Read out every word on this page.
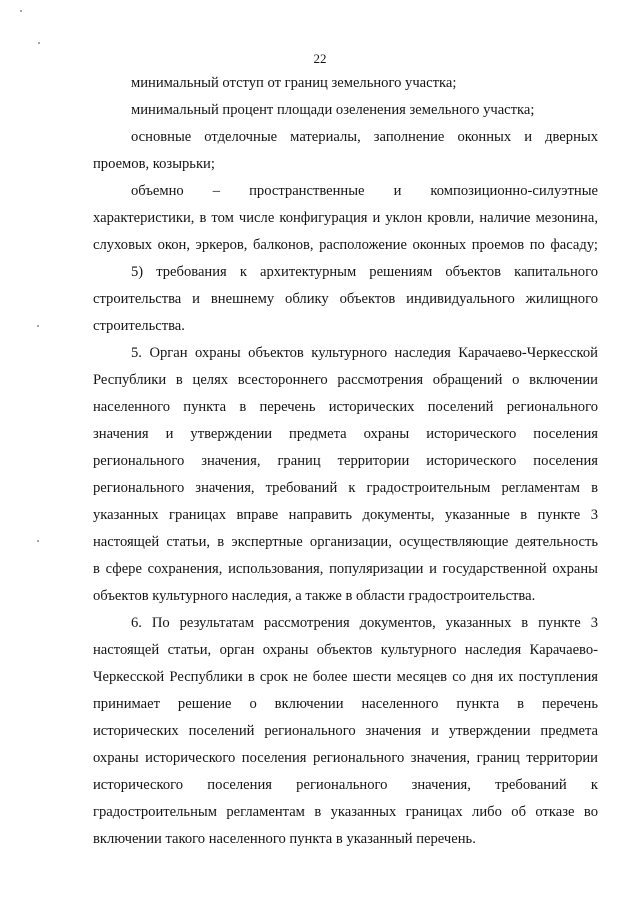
22
минимальный отступ от границ земельного участка;
минимальный процент площади озеленения земельного участка;
основные отделочные материалы, заполнение оконных и дверных
проемов, козырьки;
объемно – пространственные и композиционно-силуэтные
характеристики, в том числе конфигурация и уклон кровли, наличие мезонина,
слуховых окон, эркеров, балконов, расположение оконных проемов по фасаду;
5) требования к архитектурным решениям объектов капитального
строительства и внешнему облику объектов индивидуального жилищного
строительства.
5. Орган охраны объектов культурного наследия Карачаево-Черкесской
Республики в целях всестороннего рассмотрения обращений о включении
населенного пункта в перечень исторических поселений регионального
значения и утверждении предмета охраны исторического поселения
регионального значения, границ территории исторического поселения
регионального значения, требований к градостроительным регламентам в
указанных границах вправе направить документы, указанные в пункте 3
настоящей статьи, в экспертные организации, осуществляющие деятельность
в сфере сохранения, использования, популяризации и государственной охраны
объектов культурного наследия, а также в области градостроительства.
6. По результатам рассмотрения документов, указанных в пункте 3
настоящей статьи, орган охраны объектов культурного наследия Карачаево-
Черкесской Республики в срок не более шести месяцев со дня их поступления
принимает решение о включении населенного пункта в перечень
исторических поселений регионального значения и утверждении предмета
охраны исторического поселения регионального значения, границ территории
исторического поселения регионального значения, требований к
градостроительным регламентам в указанных границах либо об отказе во
включении такого населенного пункта в указанный перечень.
